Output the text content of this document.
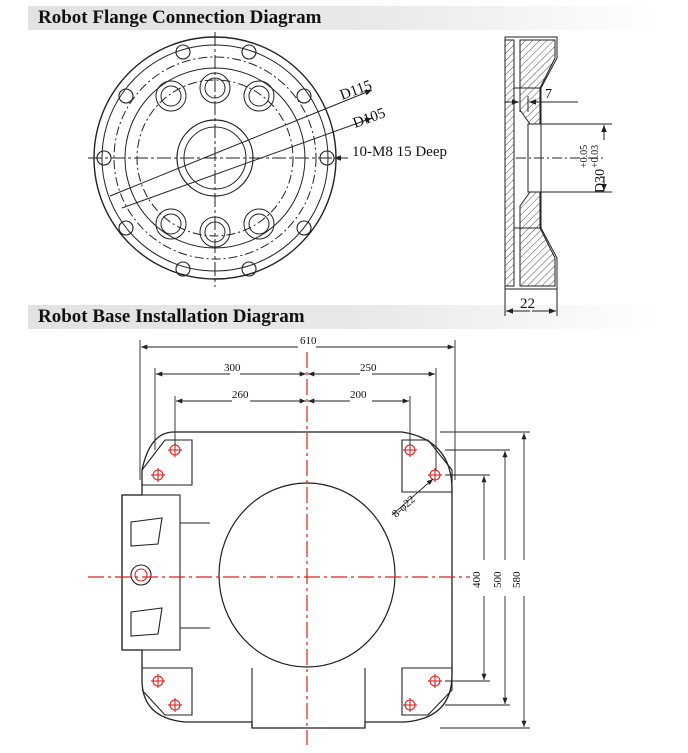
Robot Flange Connection Diagram
Robot Base Installation Diagram
D115
D105
10-M8 15 Deep
7
D30
+0.05 +0.03
22
610
300	250
260	200
400 500 580
8-φ22
